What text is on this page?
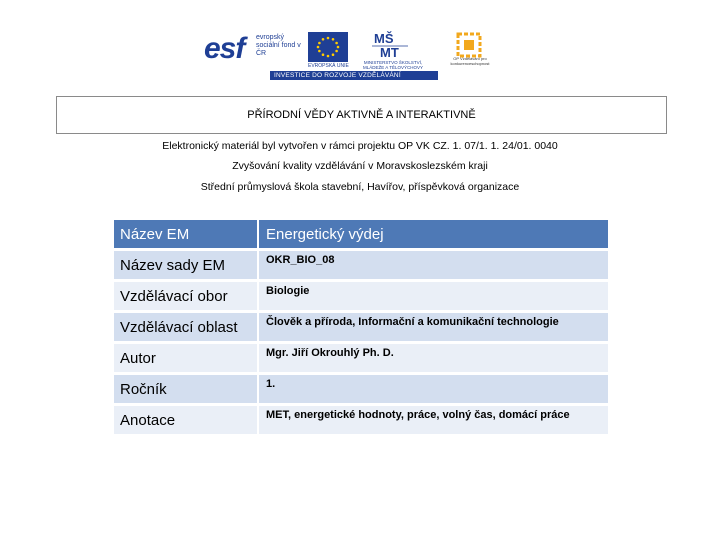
esf evropský sociální fond v ČR
EVROPSKÁ UNIE
MŠ
MT
MINISTERSTVO ŠKOLSTVÍ, MLÁDEŽE A TĚLOVÝCHOVY
OP Vzdělávání pro konkurenceschopnost
INVESTICE DO ROZVOJE VZDĚLÁVÁNÍ
PŘÍRODNÍ VĚDY AKTIVNĚ A INTERAKTIVNĚ
Elektronický materiál byl vytvořen v rámci projektu OP VK CZ. 1. 07/1. 1. 24/01. 0040
Zvyšování kvality vzdělávání v Moravskoslezském kraji
Střední průmyslová škola stavební, Havířov, příspěvková organizace
Název EM	Energetický výdej
Název sady EM	OKR_BIO_08
Vzdělávací obor	Biologie
Vzdělávací oblast	Člověk a příroda, Informační a komunikační technologie
Autor	Mgr. Jiří Okrouhlý Ph. D.
Ročník	1.
Anotace	MET, energetické hodnoty, práce, volný čas, domácí práce
